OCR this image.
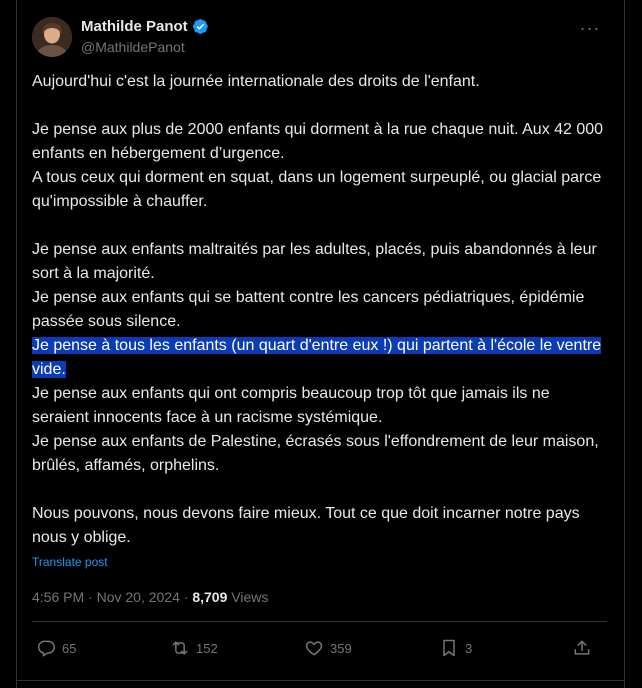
Mathilde Panot
@MathildePanot
···

Aujourd'hui c'est la journée internationale des droits de l'enfant.

Je pense aux plus de 2000 enfants qui dorment à la rue chaque nuit. Aux 42 000 enfants en hébergement d’urgence.
A tous ceux qui dorment en squat, dans un logement surpeuplé, ou glacial parce qu'impossible à chauffer.

Je pense aux enfants maltraités par les adultes, placés, puis abandonnés à leur sort à la majorité.
Je pense aux enfants qui se battent contre les cancers pédiatriques, épidémie passée sous silence.
Je pense à tous les enfants (un quart d'entre eux !) qui partent à l'école le ventre vide.
Je pense aux enfants qui ont compris beaucoup trop tôt que jamais ils ne seraient innocents face à un racisme systémique.
Je pense aux enfants de Palestine, écrasés sous l'effondrement de leur maison, brûlés, affamés, orphelins.

Nous pouvons, nous devons faire mieux. Tout ce que doit incarner notre pays nous y oblige.

Translate post
4:56 PM · Nov 20, 2024 · 8,709 Views
65	152	359	3
